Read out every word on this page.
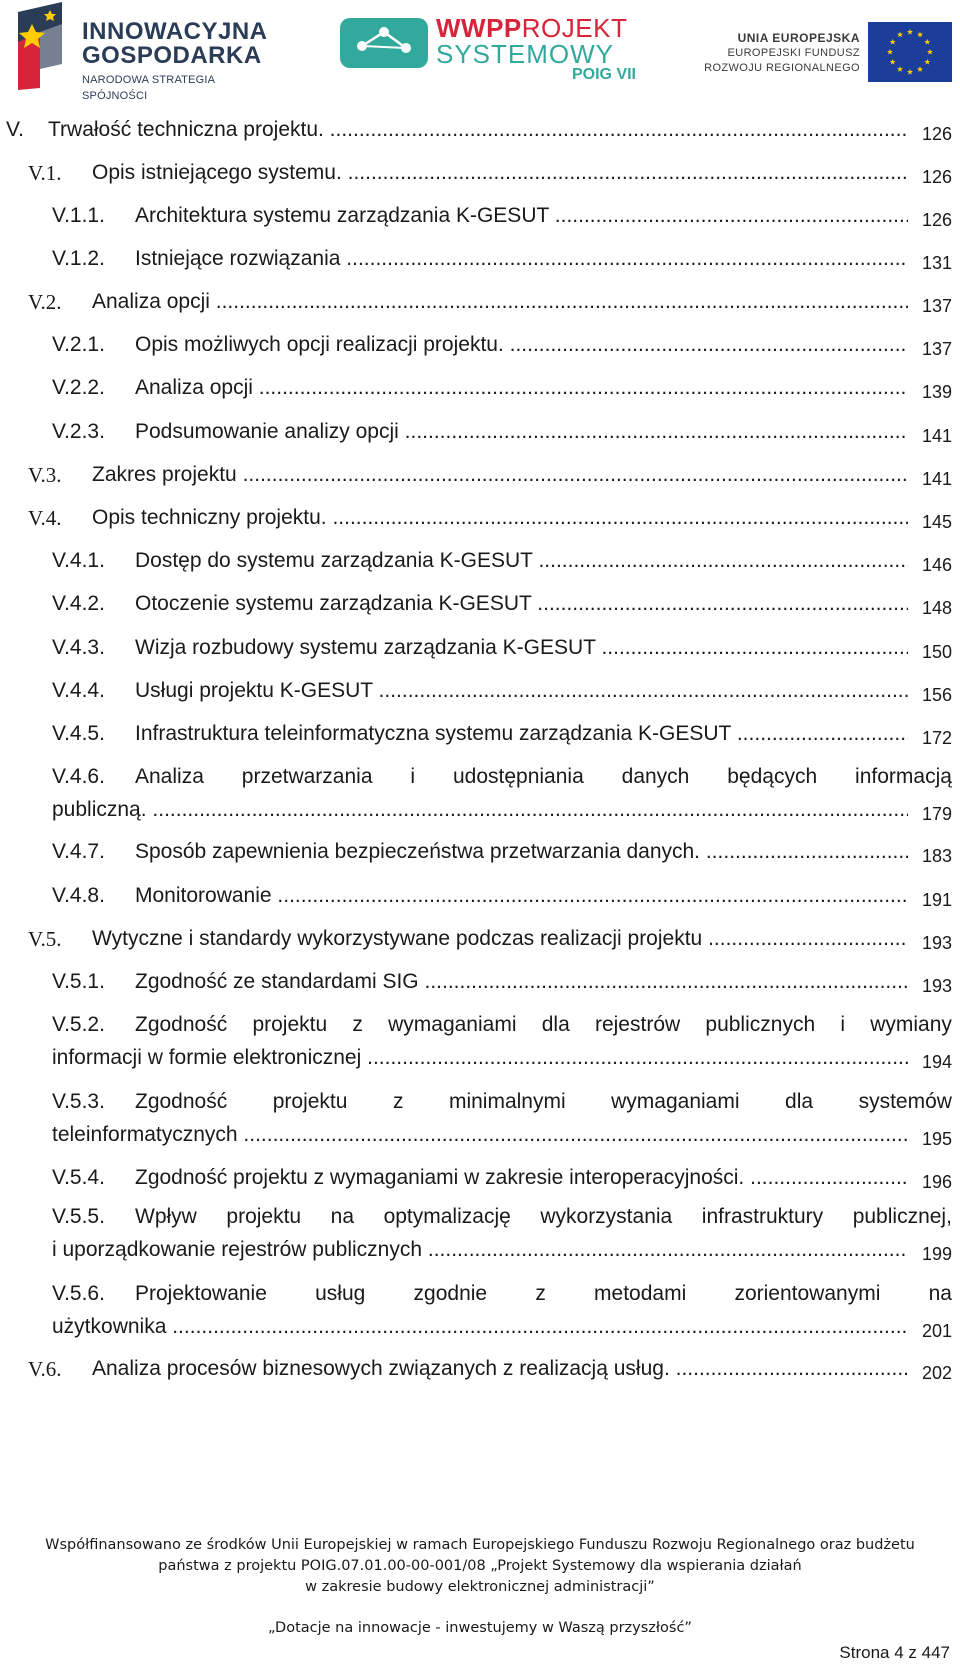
INNOWACYJNA
GOSPODARKA
NARODOWA STRATEGIA SPÓJNOŚCI
WWPPROJEKT
SYSTEMOWY
POIG VII
UNIA EUROPEJSKA
EUROPEJSKI FUNDUSZ
ROZWOJU REGIONALNEGO
V. Trwałość techniczna projektu. .....	126
V.1. Opis istniejącego systemu. .....	126
V.1.1. Architektura systemu zarządzania K-GESUT .....	126
V.1.2. Istniejące rozwiązania .....	131
V.2. Analiza opcji .....	137
V.2.1. Opis możliwych opcji realizacji projektu. .....	137
V.2.2. Analiza opcji .....	139
V.2.3. Podsumowanie analizy opcji .....	141
V.3. Zakres projektu .....	141
V.4. Opis techniczny projektu. .....	145
V.4.1. Dostęp do systemu zarządzania K-GESUT .....	146
V.4.2. Otoczenie systemu zarządzania K-GESUT .....	148
V.4.3. Wizja rozbudowy systemu zarządzania K-GESUT .....	150
V.4.4. Usługi projektu K-GESUT .....	156
V.4.5. Infrastruktura teleinformatyczna systemu zarządzania K-GESUT .....	172
V.4.6. Analiza przetwarzania i udostępniania danych będących informacją
publiczną. .....	179
V.4.7. Sposób zapewnienia bezpieczeństwa przetwarzania danych. .....	183
V.4.8. Monitorowanie .....	191
V.5. Wytyczne i standardy wykorzystywane podczas realizacji projektu .....	193
V.5.1. Zgodność ze standardami SIG .....	193
V.5.2. Zgodność projektu z wymaganiami dla rejestrów publicznych i wymiany
informacji w formie elektronicznej .....	194
V.5.3. Zgodność projektu z minimalnymi wymaganiami dla systemów
teleinformatycznych .....	195
V.5.4. Zgodność projektu z wymaganiami w zakresie interoperacyjności. .....	196
V.5.5. Wpływ projektu na optymalizację wykorzystania infrastruktury publicznej,
i uporządkowanie rejestrów publicznych .....	199
V.5.6. Projektowanie usług zgodnie z metodami zorientowanymi na
użytkownika .....	201
V.6. Analiza procesów biznesowych związanych z realizacją usług. .....	202
Współfinansowano ze środków Unii Europejskiej w ramach Europejskiego Funduszu Rozwoju Regionalnego oraz budżetu
państwa z projektu POIG.07.01.00-00-001/08 „Projekt Systemowy dla wspierania działań
w zakresie budowy elektronicznej administracji”
„Dotacje na innowacje - inwestujemy w Waszą przyszłość”
Strona 4 z 447
